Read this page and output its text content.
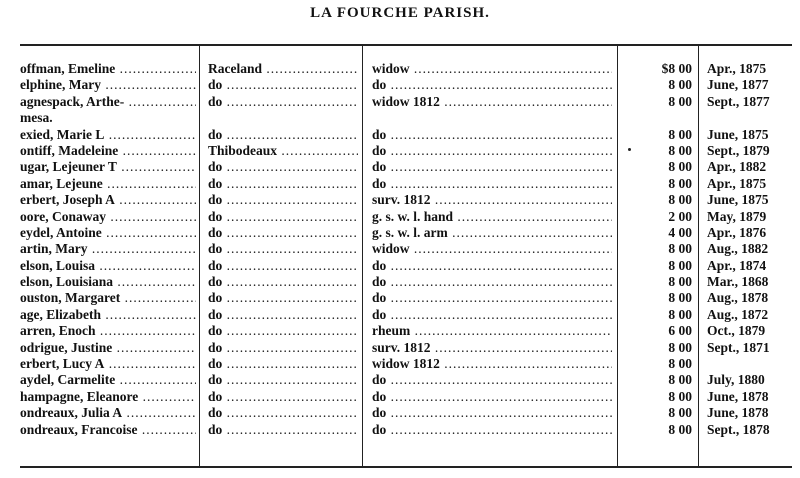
LA FOURCHE PARISH.
offman, Emeline .....	Raceland .....	widow .....	$8 00 Apr., 1875
elphine, Mary .....	do .....	do .....	8 00 June, 1877
agnespack, Arthe- .....	do .....	widow 1812 .....	8 00 Sept., 1877
mesa.
exied, Marie L .....	do .....	do .....	8 00 June, 1875
ontiff, Madeleine .....	Thibodeaux .....	do .....	8 00 Sept., 1879
ugar, Lejeuner T .....	do .....	do .....	8 00 Apr., 1882
amar, Lejeune .....	do .....	do .....	8 00 Apr., 1875
erbert, Joseph A .....	do .....	surv. 1812 .....	8 00 June, 1875
oore, Conaway .....	do .....	g. s. w. l. hand .....	2 00 May, 1879
eydel, Antoine .....	do .....	g. s. w. l. arm .....	4 00 Apr., 1876
artin, Mary .....	do .....	widow .....	8 00 Aug., 1882
elson, Louisa .....	do .....	do .....	8 00 Apr., 1874
elson, Louisiana .....	do .....	do .....	8 00 Mar., 1868
ouston, Margaret .....	do .....	do .....	8 00 Aug., 1878
age, Elizabeth .....	do .....	do .....	8 00 Aug., 1872
arren, Enoch .....	do .....	rheum .....	6 00 Oct., 1879
odrigue, Justine .....	do .....	surv. 1812 .....	8 00 Sept., 1871
erbert, Lucy A .....	do .....	widow 1812 .....	8 00
aydel, Carmelite .....	do .....	do .....	8 00 July, 1880
hampagne, Eleanore .....	do .....	do .....	8 00 June, 1878
ondreaux, Julia A .....	do .....	do .....	8 00 June, 1878
ondreaux, Francoise .....	do .....	do .....	8 00 Sept., 1878
